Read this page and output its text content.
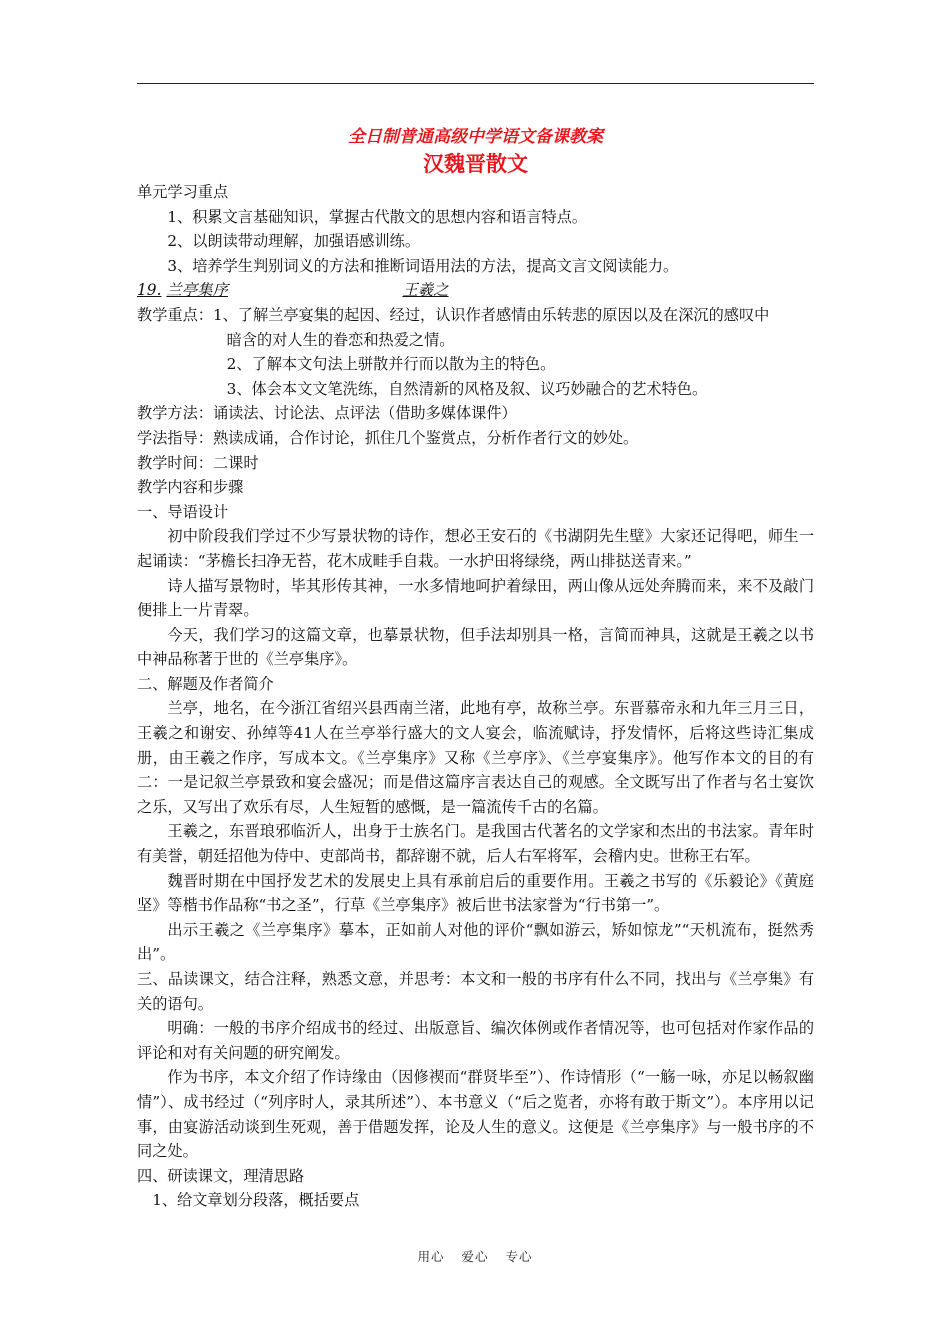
全日制普通高级中学语文备课教案

汉魏晋散文

单元学习重点

1、积累文言基础知识，掌握古代散文的思想内容和语言特点。

2、以朗读带动理解，加强语感训练。

3、培养学生判别词义的方法和推断词语用法的方法，提高文言文阅读能力。

19. 兰亭集序	王羲之

教学重点：1、了解兰亭宴集的起因、经过，认识作者感情由乐转悲的原因以及在深沉的感叹中

暗含的对人生的眷恋和热爱之情。

2、了解本文句法上骈散并行而以散为主的特色。

3、体会本文文笔洗练，自然清新的风格及叙、议巧妙融合的艺术特色。

教学方法：诵读法、讨论法、点评法（借助多媒体课件）

学法指导：熟读成诵，合作讨论，抓住几个鉴赏点，分析作者行文的妙处。

教学时间：二课时

教学内容和步骤

一、导语设计

初中阶段我们学过不少写景状物的诗作，想必王安石的《书湖阴先生壁》大家还记得吧，师生一起诵读：“茅檐长扫净无苔，花木成畦手自栽。一水护田将绿绕，两山排挞送青来。”

诗人描写景物时，毕其形传其神，一水多情地呵护着绿田，两山像从远处奔腾而来，来不及敲门便排上一片青翠。

今天，我们学习的这篇文章，也摹景状物，但手法却别具一格，言简而神具，这就是王羲之以书中神品称著于世的《兰亭集序》。

二、解题及作者简介

兰亭，地名，在今浙江省绍兴县西南兰渚，此地有亭，故称兰亭。东晋慕帝永和九年三月三日，王羲之和谢安、孙绰等41人在兰亭举行盛大的文人宴会，临流赋诗，抒发情怀，后将这些诗汇集成册，由王羲之作序，写成本文。《兰亭集序》又称《兰亭序》、《兰亭宴集序》。他写作本文的目的有二：一是记叙兰亭景致和宴会盛况；而是借这篇序言表达自己的观感。全文既写出了作者与名士宴饮之乐，又写出了欢乐有尽，人生短暂的感慨，是一篇流传千古的名篇。

王羲之，东晋琅邪临沂人，出身于士族名门。是我国古代著名的文学家和杰出的书法家。青年时有美誉，朝廷招他为侍中、吏部尚书，都辞谢不就，后人右军将军，会稽内史。世称王右军。

魏晋时期在中国抒发艺术的发展史上具有承前启后的重要作用。王羲之书写的《乐毅论》《黄庭坚》等楷书作品称“书之圣”，行草《兰亭集序》被后世书法家誉为“行书第一”。

出示王羲之《兰亭集序》摹本，正如前人对他的评价“飘如游云，矫如惊龙”“天机流布，挺然秀出”。

三、品读课文，结合注释，熟悉文意，并思考：本文和一般的书序有什么不同，找出与《兰亭集》有关的语句。

明确：一般的书序介绍成书的经过、出版意旨、编次体例或作者情况等，也可包括对作家作品的评论和对有关问题的研究阐发。

作为书序，本文介绍了作诗缘由（因修禊而“群贤毕至”）、作诗情形（“一觞一咏，亦足以畅叙幽情”）、成书经过（“列序时人，录其所述”）、本书意义（“后之览者，亦将有敢于斯文”）。本序用以记事，由宴游活动谈到生死观，善于借题发挥，论及人生的意义。这便是《兰亭集序》与一般书序的不同之处。

四、研读课文，理清思路

1、给文章划分段落，概括要点

用心 爱心 专心
